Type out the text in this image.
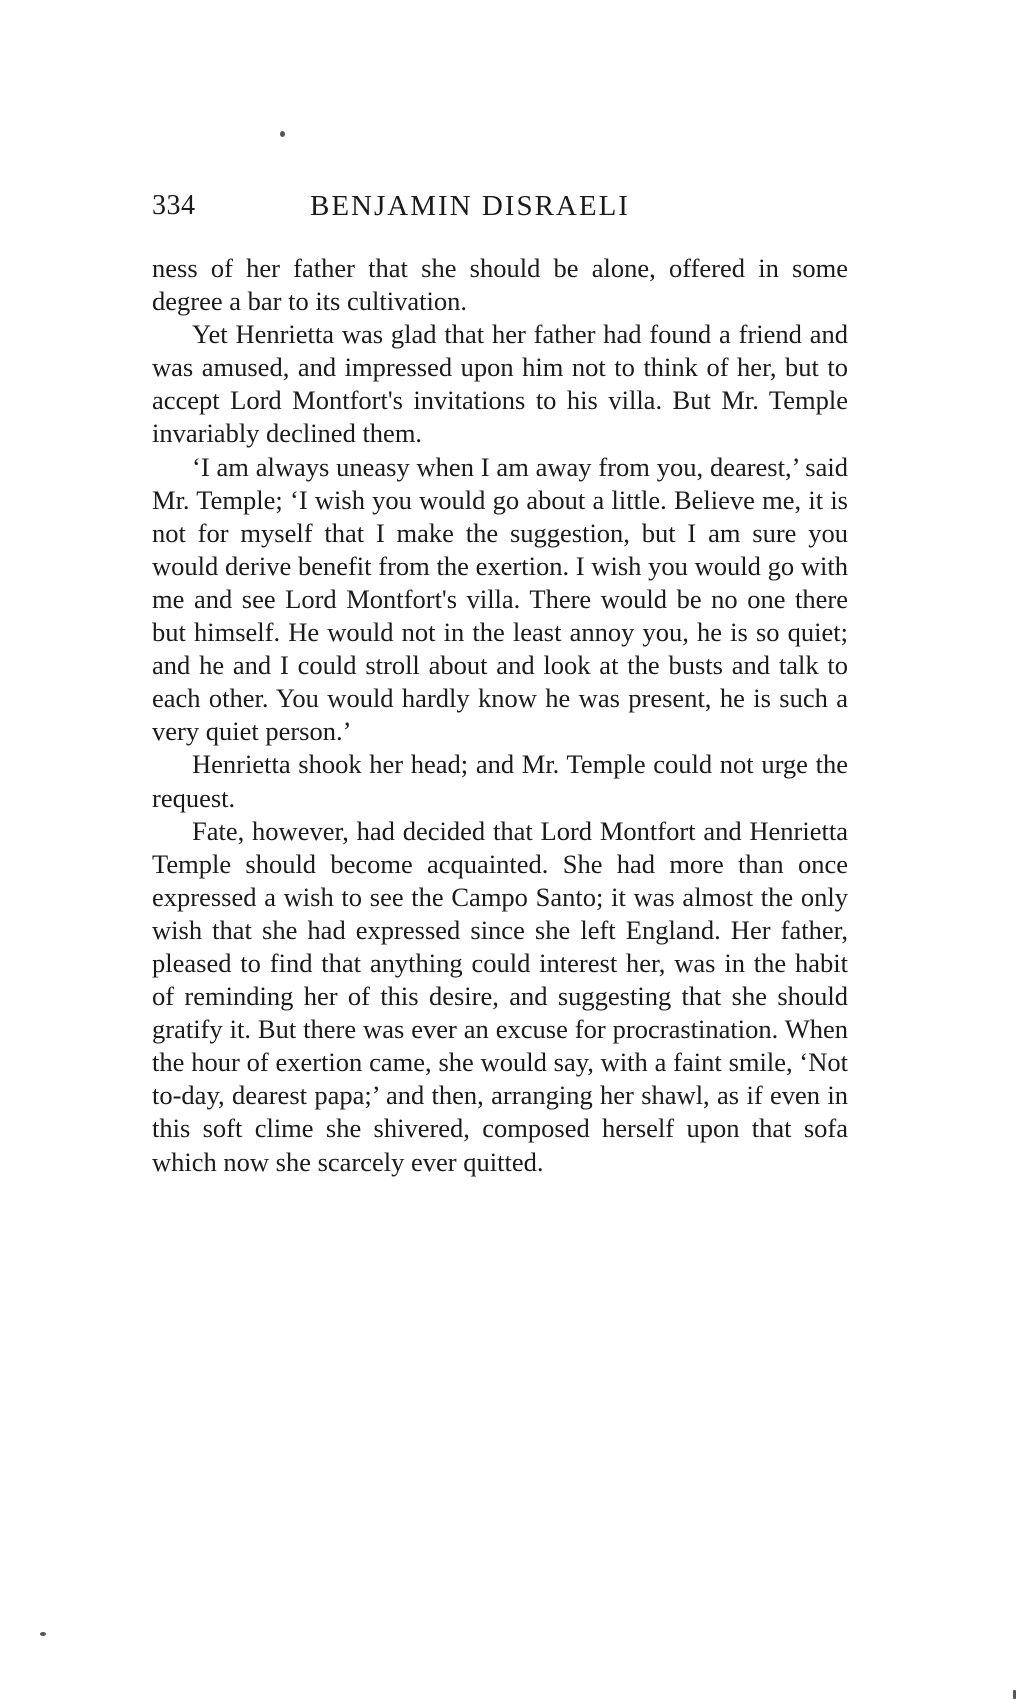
334	BENJAMIN DISRAELI

ness of her father that she should be alone, offered in some degree a bar to its cultivation.

Yet Henrietta was glad that her father had found a friend and was amused, and impressed upon him not to think of her, but to accept Lord Montfort's invitations to his villa. But Mr. Temple invariably declined them.

‘I am always uneasy when I am away from you, dearest,’ said Mr. Temple; ‘I wish you would go about a little. Believe me, it is not for myself that I make the suggestion, but I am sure you would derive benefit from the exertion. I wish you would go with me and see Lord Montfort's villa. There would be no one there but himself. He would not in the least annoy you, he is so quiet; and he and I could stroll about and look at the busts and talk to each other. You would hardly know he was present, he is such a very quiet person.’

Henrietta shook her head; and Mr. Temple could not urge the request.

Fate, however, had decided that Lord Montfort and Henrietta Temple should become acquainted. She had more than once expressed a wish to see the Campo Santo; it was almost the only wish that she had expressed since she left England. Her father, pleased to find that anything could interest her, was in the habit of reminding her of this desire, and suggesting that she should gratify it. But there was ever an excuse for procrastination. When the hour of exertion came, she would say, with a faint smile, ‘Not to-day, dearest papa;’ and then, arranging her shawl, as if even in this soft clime she shivered, composed herself upon that sofa which now she scarcely ever quitted.
